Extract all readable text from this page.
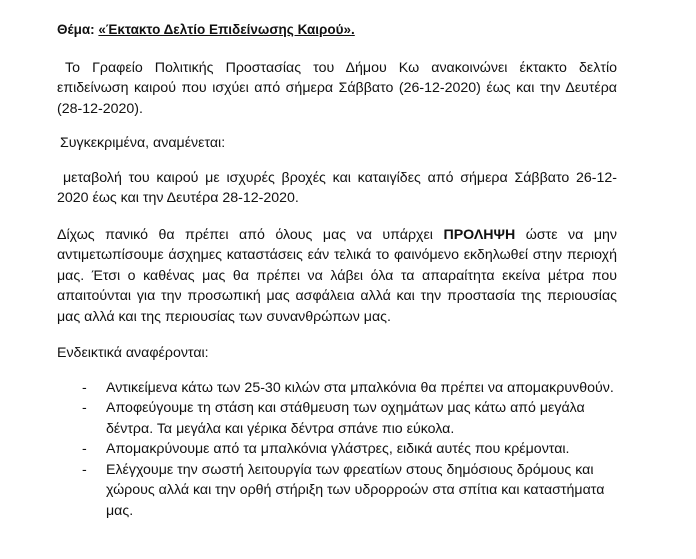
Θέμα: «Έκτακτο Δελτίο Επιδείνωσης Καιρού».

Το Γραφείο Πολιτικής Προστασίας του Δήμου Κω ανακοινώνει έκτακτο δελτίο επιδείνωση καιρού που ισχύει από σήμερα Σάββατο (26-12-2020) έως και την Δευτέρα (28-12-2020).

Συγκεκριμένα, αναμένεται:

μεταβολή του καιρού με ισχυρές βροχές και καταιγίδες από σήμερα Σάββατο 26-12-2020 έως και την Δευτέρα 28-12-2020.

Δίχως πανικό θα πρέπει από όλους μας να υπάρχει ΠΡΟΛΗΨΗ ώστε να μην αντιμετωπίσουμε άσχημες καταστάσεις εάν τελικά το φαινόμενο εκδηλωθεί στην περιοχή μας. Έτσι ο καθένας μας θα πρέπει να λάβει όλα τα απαραίτητα εκείνα μέτρα που απαιτούνται για την προσωπική μας ασφάλεια αλλά και την προστασία της περιουσίας μας αλλά και της περιουσίας των συνανθρώπων μας.

Ενδεικτικά αναφέρονται:

- Αντικείμενα κάτω των 25-30 κιλών στα μπαλκόνια θα πρέπει να απομακρυνθούν.
- Αποφεύγουμε τη στάση και στάθμευση των οχημάτων μας κάτω από μεγάλα δέντρα. Τα μεγάλα και γέρικα δέντρα σπάνε πιο εύκολα.
- Απομακρύνουμε από τα μπαλκόνια γλάστρες, ειδικά αυτές που κρέμονται.
- Ελέγχουμε την σωστή λειτουργία των φρεατίων στους δημόσιους δρόμους και χώρους αλλά και την ορθή στήριξη των υδρορροών στα σπίτια και καταστήματα μας.
